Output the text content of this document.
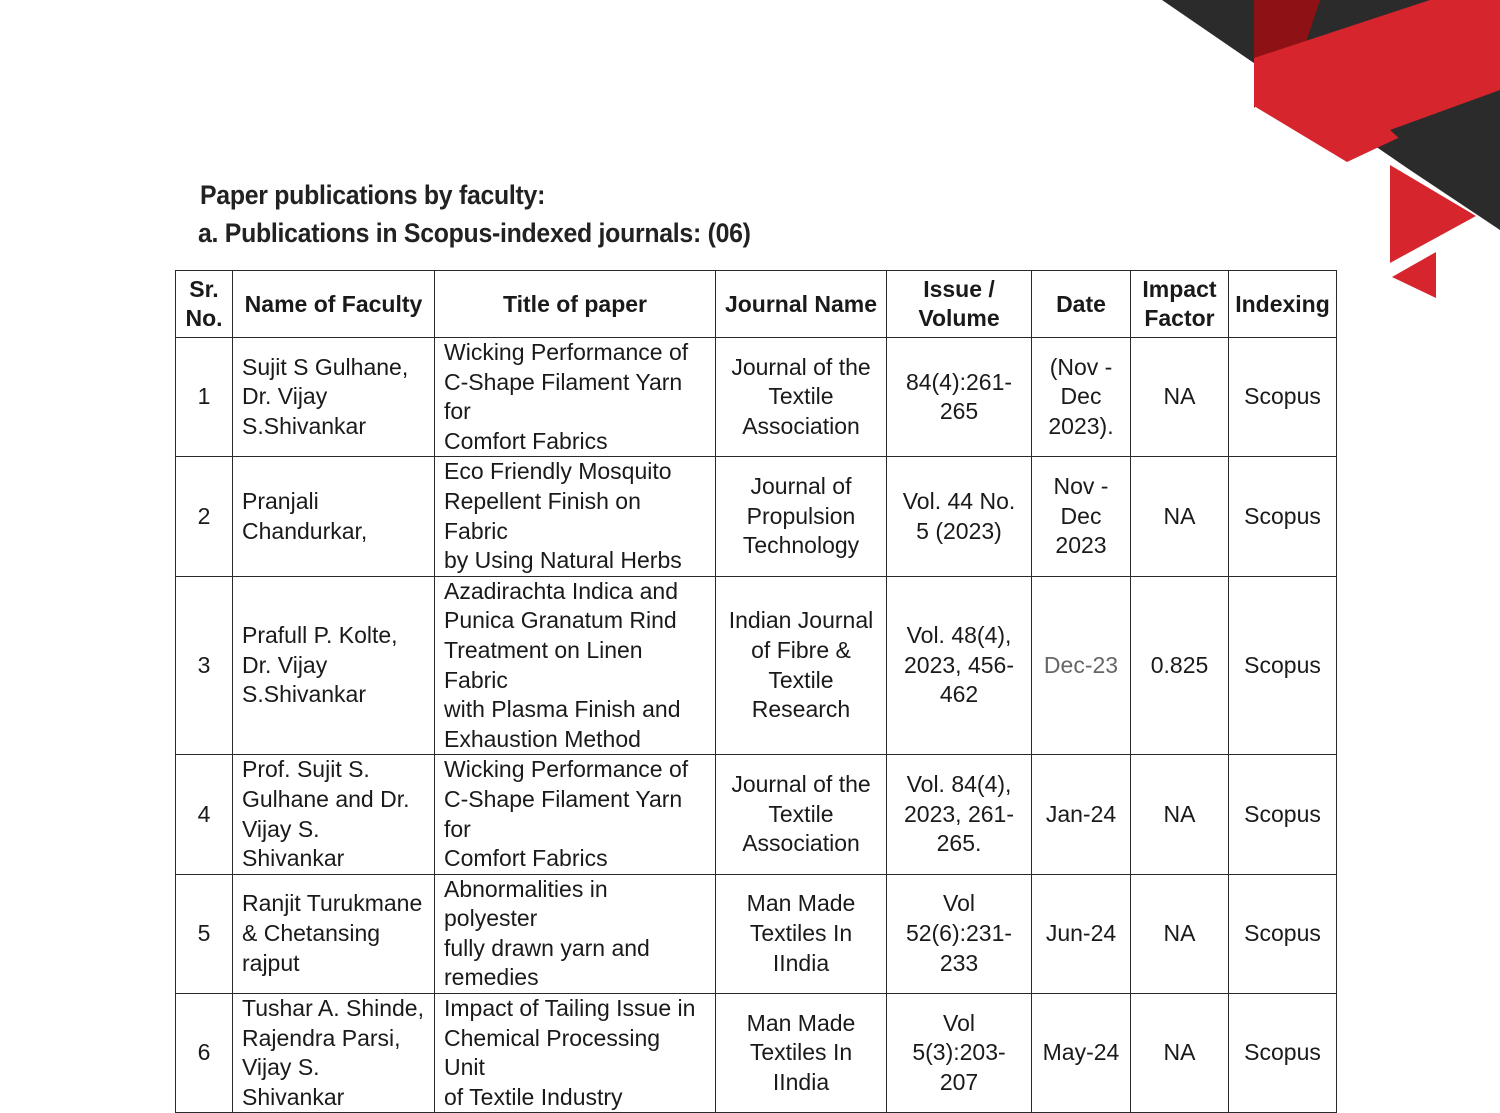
Paper publications by faculty:

a. Publications in Scopus-indexed journals: (06)

Sr.
No.	Name of Faculty	Title of paper	Journal Name	Issue /
Volume	Date	Impact
Factor	Indexing

1	Sujit S Gulhane,
Dr. Vijay
S.Shivankar	Wicking Performance of
C-Shape Filament Yarn for
Comfort Fabrics	Journal of the
Textile
Association	84(4):261-
265	(Nov -
Dec
2023).	NA	Scopus

2	Pranjali
Chandurkar,	Eco Friendly Mosquito
Repellent Finish on Fabric
by Using Natural Herbs	Journal of
Propulsion
Technology	Vol. 44 No.
5 (2023)	Nov -
Dec
2023	NA	Scopus

3	Prafull P. Kolte,
Dr. Vijay
S.Shivankar	Azadirachta Indica and
Punica Granatum Rind
Treatment on Linen Fabric
with Plasma Finish and
Exhaustion Method	Indian Journal
of Fibre &
Textile
Research	Vol. 48(4),
2023, 456-
462	Dec-23	0.825	Scopus

4	Prof. Sujit S.
Gulhane and Dr.
Vijay S. Shivankar	Wicking Performance of
C-Shape Filament Yarn for
Comfort Fabrics	Journal of the
Textile
Association	Vol. 84(4),
2023, 261-
265.	Jan-24	NA	Scopus

5	Ranjit Turukmane
& Chetansing
rajput	Abnormalities in polyester
fully drawn yarn and
remedies	Man Made
Textiles In
IIndia	Vol
52(6):231-
233	Jun-24	NA	Scopus

6	Tushar A. Shinde,
Rajendra Parsi,
Vijay S. Shivankar	Impact of Tailing Issue in
Chemical Processing Unit
of Textile Industry	Man Made
Textiles In
IIndia	Vol
5(3):203-
207	May-24	NA	Scopus
